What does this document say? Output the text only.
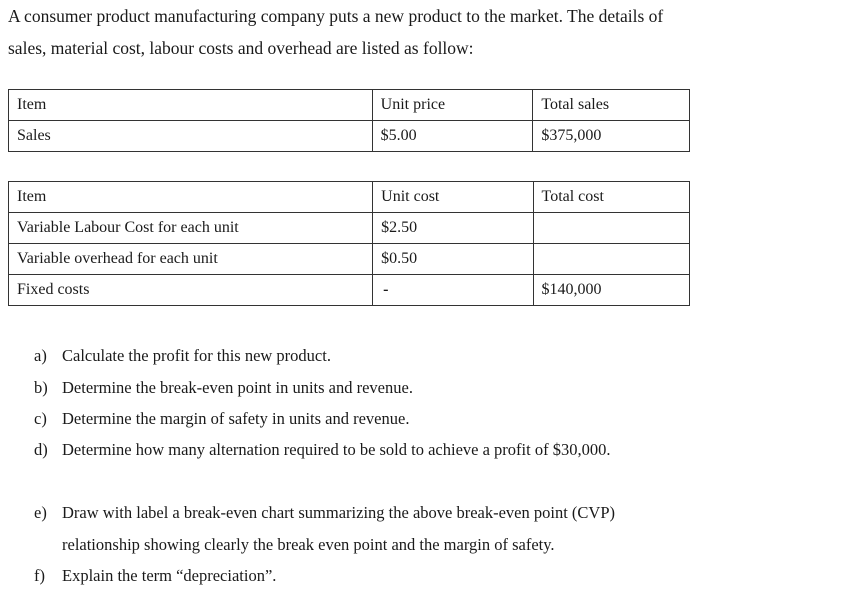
A consumer product manufacturing company puts a new product to the market. The details of
sales, material cost, labour costs and overhead are listed as follow:
Item	Unit price	Total sales
Sales	$5.00	$375,000
Item	Unit cost	Total cost
Variable Labour Cost for each unit	$2.50	
Variable overhead for each unit	$0.50	
Fixed costs	-	$140,000
a) Calculate the profit for this new product.
b) Determine the break-even point in units and revenue.
c) Determine the margin of safety in units and revenue.
d) Determine how many alternation required to be sold to achieve a profit of $30,000.
e) Draw with label a break-even chart summarizing the above break-even point (CVP)
relationship showing clearly the break even point and the margin of safety.
f) Explain the term “depreciation”.
